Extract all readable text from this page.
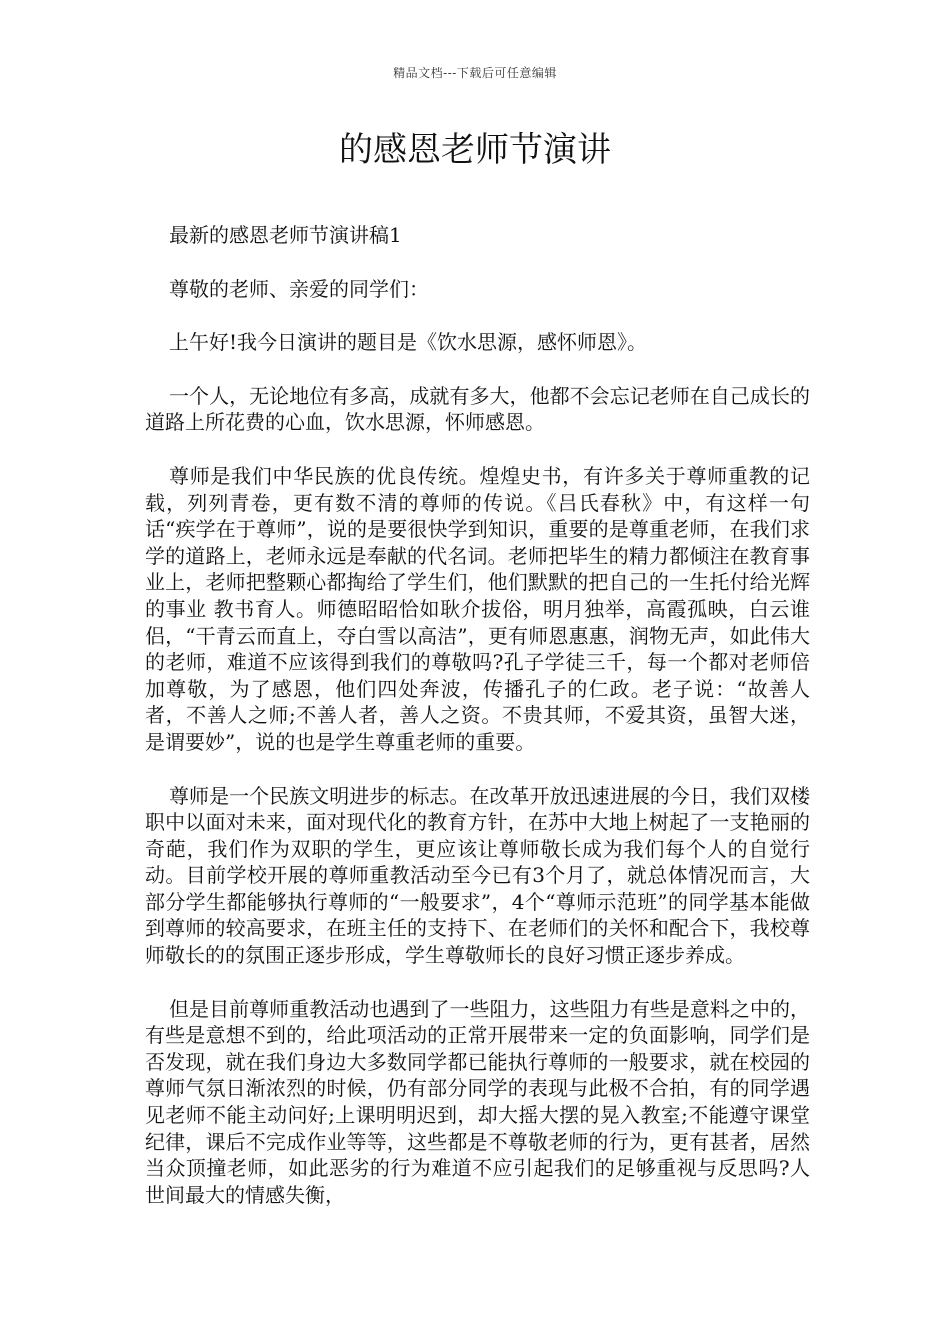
精品文档---下载后可任意编辑
的感恩老师节演讲

最新的感恩老师节演讲稿1

尊敬的老师、亲爱的同学们：

上午好!我今日演讲的题目是《饮水思源，感怀师恩》。

一个人，无论地位有多高，成就有多大，他都不会忘记老师在自己成长的道路上所花费的心血，饮水思源，怀师感恩。

尊师是我们中华民族的优良传统。煌煌史书，有许多关于尊师重教的记载，列列青卷，更有数不清的尊师的传说。《吕氏春秋》中，有这样一句话“疾学在于尊师”，说的是要很快学到知识，重要的是尊重老师，在我们求学的道路上，老师永远是奉献的代名词。老师把毕生的精力都倾注在教育事业上，老师把整颗心都掏给了学生们，他们默默的把自己的一生托付给光辉的事业 教书育人。师德昭昭恰如耿介拔俗，明月独举，高霞孤映，白云谁侣，“干青云而直上，夺白雪以高洁”，更有师恩惠惠，润物无声，如此伟大的老师，难道不应该得到我们的尊敬吗?孔子学徒三千，每一个都对老师倍加尊敬，为了感恩，他们四处奔波，传播孔子的仁政。老子说：“故善人者，不善人之师;不善人者，善人之资。不贵其师，不爱其资，虽智大迷，是谓要妙”，说的也是学生尊重老师的重要。

尊师是一个民族文明进步的标志。在改革开放迅速进展的今日，我们双楼职中以面对未来，面对现代化的教育方针，在苏中大地上树起了一支艳丽的奇葩，我们作为双职的学生，更应该让尊师敬长成为我们每个人的自觉行动。目前学校开展的尊师重教活动至今已有3个月了，就总体情况而言，大部分学生都能够执行尊师的“一般要求”，4个“尊师示范班”的同学基本能做到尊师的较高要求，在班主任的支持下、在老师们的关怀和配合下，我校尊师敬长的的氛围正逐步形成，学生尊敬师长的良好习惯正逐步养成。

但是目前尊师重教活动也遇到了一些阻力，这些阻力有些是意料之中的，有些是意想不到的，给此项活动的正常开展带来一定的负面影响，同学们是否发现，就在我们身边大多数同学都已能执行尊师的一般要求，就在校园的尊师气氛日渐浓烈的时候，仍有部分同学的表现与此极不合拍，有的同学遇见老师不能主动问好;上课明明迟到，却大摇大摆的晃入教室;不能遵守课堂纪律，课后不完成作业等等，这些都是不尊敬老师的行为，更有甚者，居然当众顶撞老师，如此恶劣的行为难道不应引起我们的足够重视与反思吗?人世间最大的情感失衡，
